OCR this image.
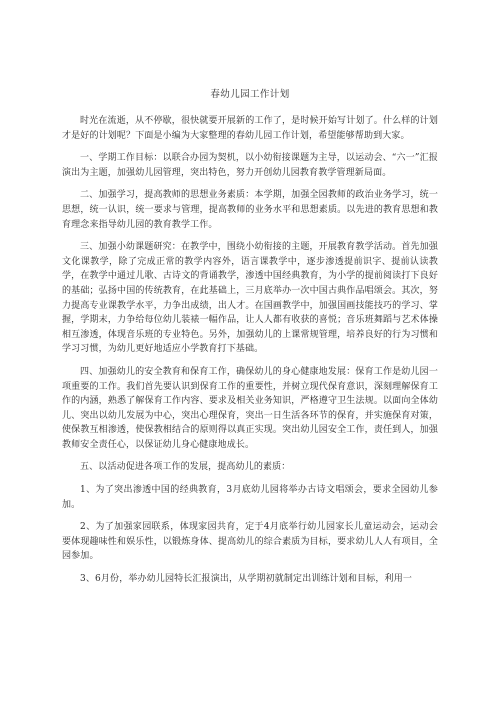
春幼儿园工作计划

时光在流逝，从不停歇，很快就要开展新的工作了，是时候开始写计划了。什么样的计划才是好的计划呢？下面是小编为大家整理的春幼儿园工作计划，希望能够帮助到大家。

一、学期工作目标：以联合办园为契机，以小幼衔接课题为主导，以运动会、“六一”汇报演出为主题，加强幼儿园管理，突出特色，努力开创幼儿园教育教学管理新局面。

二、加强学习，提高教师的思想业务素质：本学期，加强全园教师的政治业务学习，统一思想，统一认识，统一要求与管理，提高教师的业务水平和思想素质。以先进的教育思想和教育理念来指导幼儿园的教育教学工作。

三、加强小幼课题研究：在教学中，围绕小幼衔接的主题，开展教育教学活动。首先加强文化课教学，除了完成正常的教学内容外，语言课教学中，逐步渗透提前识字、提前认读教学，在教学中通过儿歌、古诗文的背诵教学，渗透中国经典教育，为小学的提前阅读打下良好的基础；弘扬中国的传统教育，在此基础上，三月底举办一次中国古典作品唱颂会。其次，努力提高专业课教学水平，力争出成绩，出人才。在国画教学中，加强国画技能技巧的学习、掌握，学期末，力争给每位幼儿装裱一幅作品，让人人都有收获的喜悦；音乐班舞蹈与艺术体操相互渗透，体现音乐班的专业特色。另外，加强幼儿的上课常规管理，培养良好的行为习惯和学习习惯，为幼儿更好地适应小学教育打下基础。

四、加强幼儿的安全教育和保育工作，确保幼儿的身心健康地发展：保育工作是幼儿园一项重要的工作。我们首先要认识到保育工作的重要性，并树立现代保育意识，深刻理解保育工作的内涵，熟悉了解保育工作内容、要求及相关业务知识，严格遵守卫生法规。以面向全体幼儿、突出以幼儿发展为中心，突出心理保育，突出一日生活各环节的保育，并实施保育对策，使保教互相渗透，使保教相结合的原则得以真正实现。突出幼儿园安全工作，责任到人，加强教师安全责任心，以保证幼儿身心健康地成长。

五、以活动促进各项工作的发展，提高幼儿的素质：

1、为了突出渗透中国的经典教育，3月底幼儿园将举办古诗文唱颂会，要求全园幼儿参加。

2、为了加强家园联系，体现家园共育，定于4月底举行幼儿园家长儿童运动会，运动会要体现趣味性和娱乐性，以锻炼身体、提高幼儿的综合素质为目标，要求幼儿人人有项目，全园参加。

3、6月份，举办幼儿园特长汇报演出，从学期初就制定出训练计划和目标，利用一
